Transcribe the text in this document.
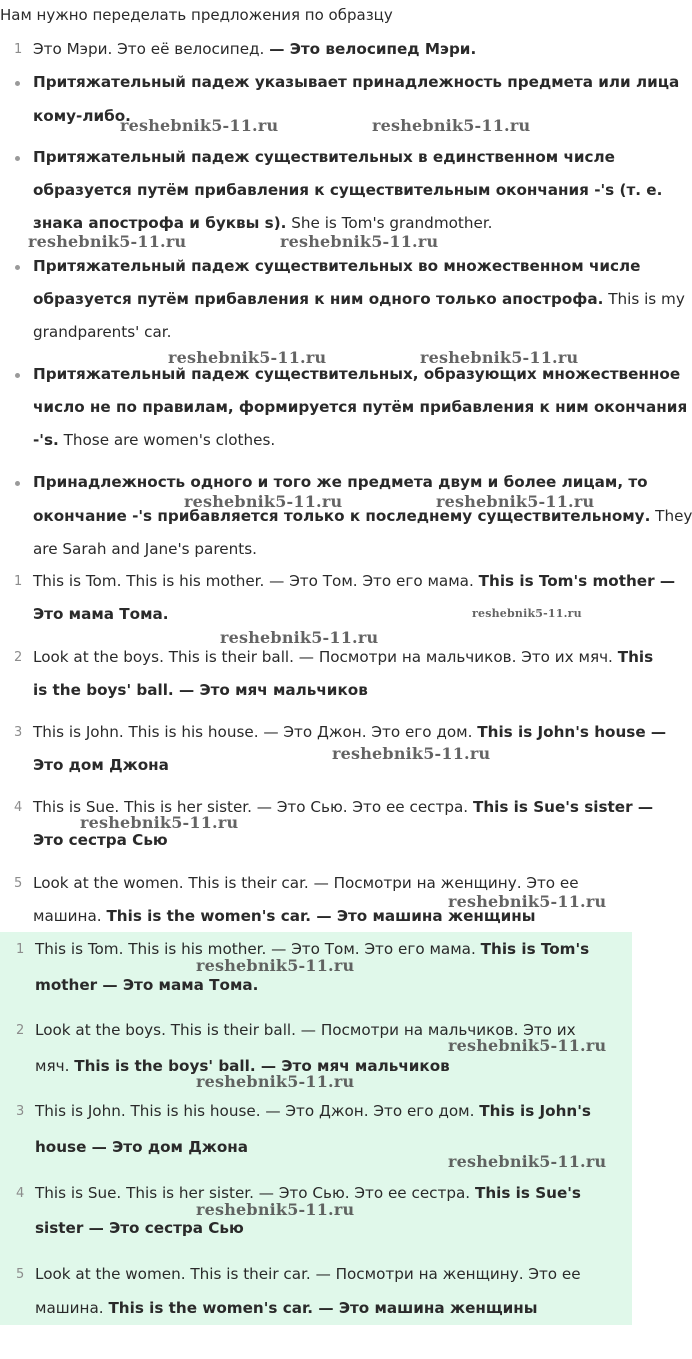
Нам нужно переделать предложения по образцу
1 Это Мэри. Это её велосипед. — Это велосипед Мэри.
Притяжательный падеж указывает принадлежность предмета или лица
кому-либо.
Притяжательный падеж существительных в единственном числе
образуется путём прибавления к существительным окончания -'s (т. е.
знака апострофа и буквы s). She is Tom's grandmother.
Притяжательный падеж существительных во множественном числе
образуется путём прибавления к ним одного только апострофа. This is my
grandparents' car.
Притяжательный падеж существительных, образующих множественное
число не по правилам, формируется путём прибавления к ним окончания
-'s. Those are women's clothes.
Принадлежность одного и того же предмета двум и более лицам, то
окончание -'s прибавляется только к последнему существительному. They
are Sarah and Jane's parents.
1 This is Tom. This is his mother. — Это Том. Это его мама. This is Tom's mother —
Это мама Тома.
2 Look at the boys. This is their ball. — Посмотри на мальчиков. Это их мяч. This
is the boys' ball. — Это мяч мальчиков
3 This is John. This is his house. — Это Джон. Это его дом. This is John's house —
Это дом Джона
4 This is Sue. This is her sister. — Это Сью. Это ее сестра. This is Sue's sister —
Это сестра Сью
5 Look at the women. This is their car. — Посмотри на женщину. Это ее
машина. This is the women's car. — Это машина женщины
1 This is Tom. This is his mother. — Это Том. Это его мама. This is Tom's
mother — Это мама Тома.
2 Look at the boys. This is their ball. — Посмотри на мальчиков. Это их
мяч. This is the boys' ball. — Это мяч мальчиков
3 This is John. This is his house. — Это Джон. Это его дом. This is John's
house — Это дом Джона
4 This is Sue. This is her sister. — Это Сью. Это ее сестра. This is Sue's
sister — Это сестра Сью
5 Look at the women. This is their car. — Посмотри на женщину. Это ее
машина. This is the women's car. — Это машина женщины
reshebnik5-11.ru	reshebnik5-11.ru
reshebnik5-11.ru	reshebnik5-11.ru
reshebnik5-11.ru	reshebnik5-11.ru
reshebnik5-11.ru	reshebnik5-11.ru
reshebnik5-11.ru
reshebnik5-11.ru
reshebnik5-11.ru
reshebnik5-11.ru
reshebnik5-11.ru
reshebnik5-11.ru
reshebnik5-11.ru
reshebnik5-11.ru
reshebnik5-11.ru
reshebnik5-11.ru
